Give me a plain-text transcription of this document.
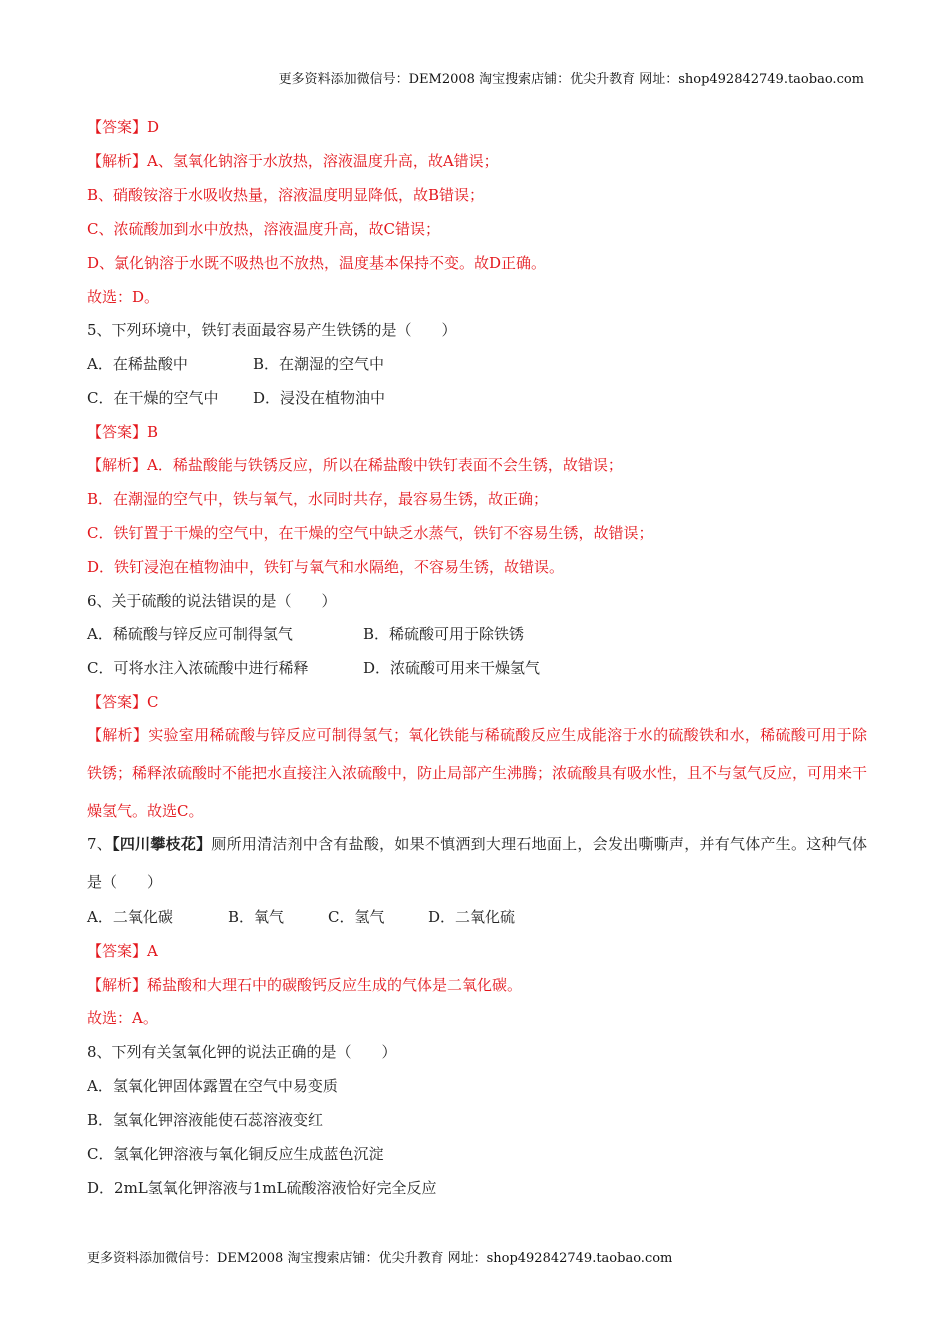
更多资料添加微信号：DEM2008 淘宝搜索店铺：优尖升教育 网址：shop492842749.taobao.com
【答案】D
【解析】A、氢氧化钠溶于水放热，溶液温度升高，故A错误；
B、硝酸铵溶于水吸收热量，溶液温度明显降低，故B错误；
C、浓硫酸加到水中放热，溶液温度升高，故C错误；
D、氯化钠溶于水既不吸热也不放热，温度基本保持不变。故D正确。
故选：D。
5、下列环境中，铁钉表面最容易产生铁锈的是（　　）
A．在稀盐酸中	B．在潮湿的空气中
C．在干燥的空气中 D．浸没在植物油中
【答案】B
【解析】A．稀盐酸能与铁锈反应，所以在稀盐酸中铁钉表面不会生锈，故错误；
B．在潮湿的空气中，铁与氧气，水同时共存，最容易生锈，故正确；
C．铁钉置于干燥的空气中，在干燥的空气中缺乏水蒸气，铁钉不容易生锈，故错误；
D．铁钉浸泡在植物油中，铁钉与氧气和水隔绝，不容易生锈，故错误。
6、关于硫酸的说法错误的是（　　）
A．稀硫酸与锌反应可制得氢气	B．稀硫酸可用于除铁锈
C．可将水注入浓硫酸中进行稀释	D．浓硫酸可用来干燥氢气
【答案】C
【解析】实验室用稀硫酸与锌反应可制得氢气；氧化铁能与稀硫酸反应生成能溶于水的硫酸铁和水，稀硫酸可用于除铁锈；稀释浓硫酸时不能把水直接注入浓硫酸中，防止局部产生沸腾；浓硫酸具有吸水性，且不与氢气反应，可用来干燥氢气。故选C。
7、【四川攀枝花】厕所用清洁剂中含有盐酸，如果不慎洒到大理石地面上，会发出嘶嘶声，并有气体产生。这种气体是（　　）
A．二氧化碳	B．氧气	C．氢气	D．二氧化硫
【答案】A
【解析】稀盐酸和大理石中的碳酸钙反应生成的气体是二氧化碳。
故选：A。
8、下列有关氢氧化钾的说法正确的是（　　）
A．氢氧化钾固体露置在空气中易变质
B．氢氧化钾溶液能使石蕊溶液变红
C．氢氧化钾溶液与氧化铜反应生成蓝色沉淀
D．2mL氢氧化钾溶液与1mL硫酸溶液恰好完全反应
更多资料添加微信号：DEM2008 淘宝搜索店铺：优尖升教育 网址：shop492842749.taobao.com
